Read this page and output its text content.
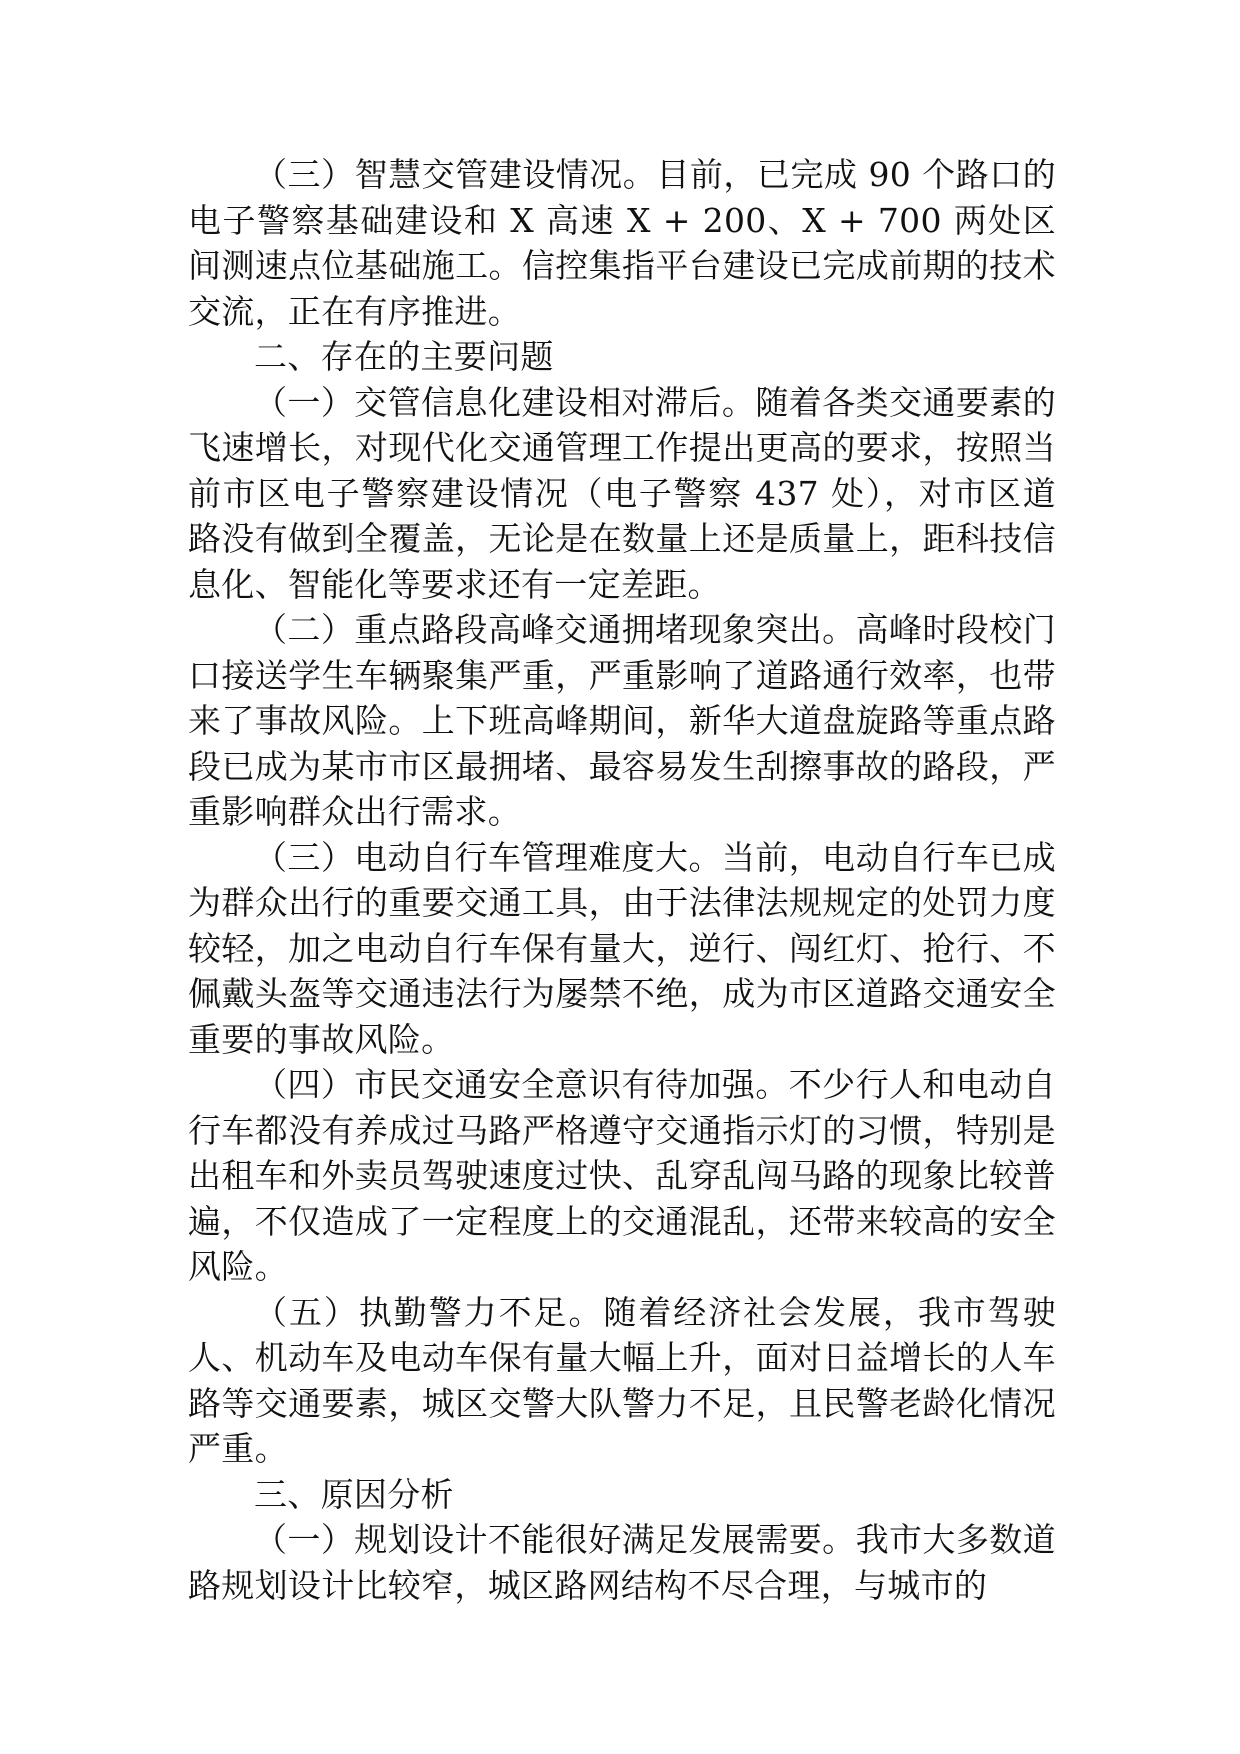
（三）智慧交管建设情况。目前，已完成 90 个路口的电子警察基础建设和 X 高速 X + 200、X + 700 两处区间测速点位基础施工。信控集指平台建设已完成前期的技术交流，正在有序推进。

二、存在的主要问题

（一）交管信息化建设相对滞后。随着各类交通要素的飞速增长，对现代化交通管理工作提出更高的要求，按照当前市区电子警察建设情况（电子警察 437 处），对市区道路没有做到全覆盖，无论是在数量上还是质量上，距科技信息化、智能化等要求还有一定差距。

（二）重点路段高峰交通拥堵现象突出。高峰时段校门口接送学生车辆聚集严重，严重影响了道路通行效率，也带来了事故风险。上下班高峰期间，新华大道盘旋路等重点路段已成为某市市区最拥堵、最容易发生刮擦事故的路段，严重影响群众出行需求。

（三）电动自行车管理难度大。当前，电动自行车已成为群众出行的重要交通工具，由于法律法规规定的处罚力度较轻，加之电动自行车保有量大，逆行、闯红灯、抢行、不佩戴头盔等交通违法行为屡禁不绝，成为市区道路交通安全重要的事故风险。

（四）市民交通安全意识有待加强。不少行人和电动自行车都没有养成过马路严格遵守交通指示灯的习惯，特别是出租车和外卖员驾驶速度过快、乱穿乱闯马路的现象比较普遍，不仅造成了一定程度上的交通混乱，还带来较高的安全风险。

（五）执勤警力不足。随着经济社会发展，我市驾驶人、机动车及电动车保有量大幅上升，面对日益增长的人车路等交通要素，城区交警大队警力不足，且民警老龄化情况严重。

三、原因分析

（一）规划设计不能很好满足发展需要。我市大多数道路规划设计比较窄，城区路网结构不尽合理，与城市的
